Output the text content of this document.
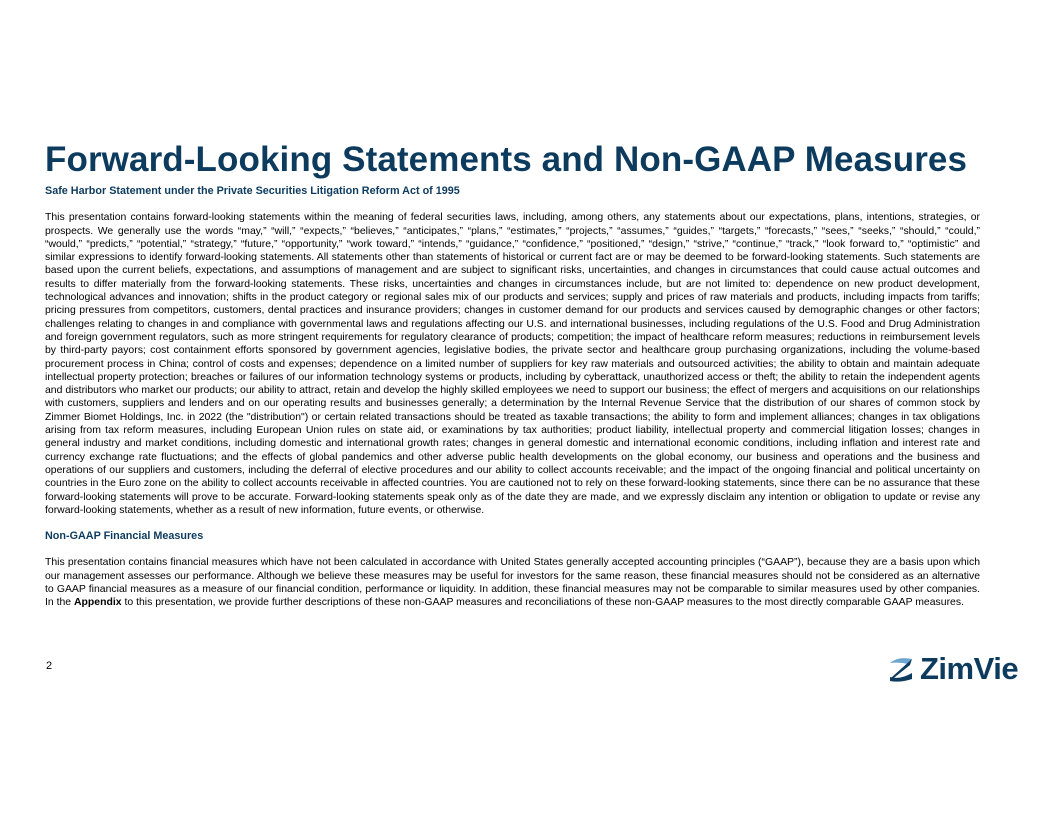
Forward-Looking Statements and Non-GAAP Measures

Safe Harbor Statement under the Private Securities Litigation Reform Act of 1995

This presentation contains forward-looking statements within the meaning of federal securities laws, including, among others, any statements about our expectations, plans, intentions, strategies, or prospects. We generally use the words “may,” “will,” “expects,” “believes,” “anticipates,” “plans,” “estimates,” “projects,” “assumes,” “guides,” “targets,” “forecasts,” “sees,” “seeks,” “should,” “could,” “would,” “predicts,” “potential,” “strategy,” “future,” “opportunity,” “work toward,” “intends,” “guidance,” “confidence,” “positioned,” “design,” “strive,” “continue,” “track,” “look forward to,” “optimistic” and similar expressions to identify forward-looking statements. All statements other than statements of historical or current fact are or may be deemed to be forward-looking statements. Such statements are based upon the current beliefs, expectations, and assumptions of management and are subject to significant risks, uncertainties, and changes in circumstances that could cause actual outcomes and results to differ materially from the forward-looking statements. These risks, uncertainties and changes in circumstances include, but are not limited to: dependence on new product development, technological advances and innovation; shifts in the product category or regional sales mix of our products and services; supply and prices of raw materials and products, including impacts from tariffs; pricing pressures from competitors, customers, dental practices and insurance providers; changes in customer demand for our products and services caused by demographic changes or other factors; challenges relating to changes in and compliance with governmental laws and regulations affecting our U.S. and international businesses, including regulations of the U.S. Food and Drug Administration and foreign government regulators, such as more stringent requirements for regulatory clearance of products; competition; the impact of healthcare reform measures; reductions in reimbursement levels by third-party payors; cost containment efforts sponsored by government agencies, legislative bodies, the private sector and healthcare group purchasing organizations, including the volume-based procurement process in China; control of costs and expenses; dependence on a limited number of suppliers for key raw materials and outsourced activities; the ability to obtain and maintain adequate intellectual property protection; breaches or failures of our information technology systems or products, including by cyberattack, unauthorized access or theft; the ability to retain the independent agents and distributors who market our products; our ability to attract, retain and develop the highly skilled employees we need to support our business; the effect of mergers and acquisitions on our relationships with customers, suppliers and lenders and on our operating results and businesses generally; a determination by the Internal Revenue Service that the distribution of our shares of common stock by Zimmer Biomet Holdings, Inc. in 2022 (the "distribution") or certain related transactions should be treated as taxable transactions; the ability to form and implement alliances; changes in tax obligations arising from tax reform measures, including European Union rules on state aid, or examinations by tax authorities; product liability, intellectual property and commercial litigation losses; changes in general industry and market conditions, including domestic and international growth rates; changes in general domestic and international economic conditions, including inflation and interest rate and currency exchange rate fluctuations; and the effects of global pandemics and other adverse public health developments on the global economy, our business and operations and the business and operations of our suppliers and customers, including the deferral of elective procedures and our ability to collect accounts receivable; and the impact of the ongoing financial and political uncertainty on countries in the Euro zone on the ability to collect accounts receivable in affected countries. You are cautioned not to rely on these forward-looking statements, since there can be no assurance that these forward-looking statements will prove to be accurate. Forward-looking statements speak only as of the date they are made, and we expressly disclaim any intention or obligation to update or revise any forward-looking statements, whether as a result of new information, future events, or otherwise.

Non-GAAP Financial Measures

This presentation contains financial measures which have not been calculated in accordance with United States generally accepted accounting principles (“GAAP”), because they are a basis upon which our management assesses our performance. Although we believe these measures may be useful for investors for the same reason, these financial measures should not be considered as an alternative to GAAP financial measures as a measure of our financial condition, performance or liquidity. In addition, these financial measures may not be comparable to similar measures used by other companies. In the Appendix to this presentation, we provide further descriptions of these non-GAAP measures and reconciliations of these non-GAAP measures to the most directly comparable GAAP measures.

2	ZimVie
